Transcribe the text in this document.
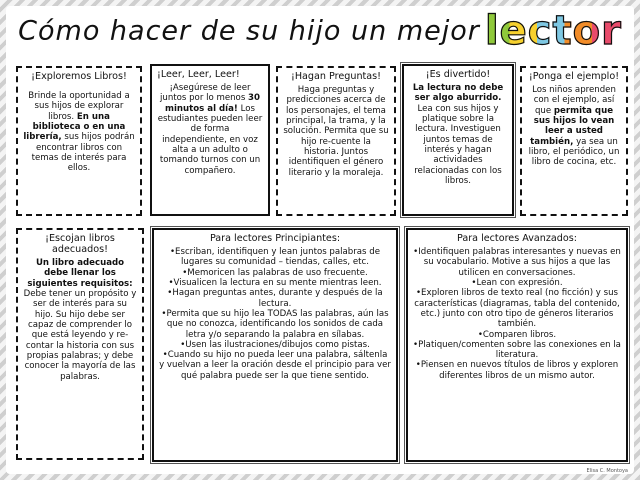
Cómo hacer de su hijo un mejor lector
¡Exploremos Libros!

Brinde la oportunidad a sus hijos de explorar libros. En una biblioteca o en una librería, sus hijos podrán encontrar libros con temas de interés para ellos.

¡Leer, Leer, Leer!

¡Asegúrese de leer juntos por lo menos 30 minutos al día! Los estudiantes pueden leer de forma independiente, en voz alta a un adulto o tomando turnos con un compañero.

¡Hagan Preguntas!

Haga preguntas y predicciones acerca de los personajes, el tema principal, la trama, y la solución. Permita que su hijo re-cuente la historia. Juntos identifiquen el género literario y la moraleja.

¡Es divertido!

La lectura no debe ser algo aburrido. Lea con sus hijos y platique sobre la lectura. Investiguen juntos temas de interés y hagan actividades relacionadas con los libros.

¡Ponga el ejemplo!

Los niños aprenden con el ejemplo, así que permita que sus hijos lo vean leer a usted también, ya sea un libro, el periódico, un libro de cocina, etc.

¡Escojan libros adecuados!

Un libro adecuado debe llenar los siguientes requisitos:

Debe tener un propósito y ser de interés para su hijo. Su hijo debe ser capaz de comprender lo que está leyendo y re-contar la historia con sus propias palabras; y debe conocer la mayoría de las palabras.

Para lectores Principiantes:

•Escriban, identifiquen y lean juntos palabras de lugares su comunidad – tiendas, calles, etc.

•Memoricen las palabras de uso frecuente.

•Visualicen la lectura en su mente mientras leen.

•Hagan preguntas antes, durante y después de la lectura.

•Permita que su hijo lea TODAS las palabras, aún las que no conozca, identificando los sonidos de cada letra y/o separando la palabra en sílabas.

•Usen las ilustraciones/dibujos como pistas.

•Cuando su hijo no pueda leer una palabra, sáltenla y vuelvan a leer la oración desde el principio para ver qué palabra puede ser la que tiene sentido.

Para lectores Avanzados:

•Identifiquen palabras interesantes y nuevas en su vocabulario. Motive a sus hijos a que las utilicen en conversaciones.

•Lean con expresión.

•Exploren libros de texto real (no ficción) y sus características (diagramas, tabla del contenido, etc.) junto con otro tipo de géneros literarios también.

•Comparen libros.

•Platiquen/comenten sobre las conexiones en la literatura.

•Piensen en nuevos títulos de libros y exploren diferentes libros de un mismo autor.

Elisa C. Montoya
